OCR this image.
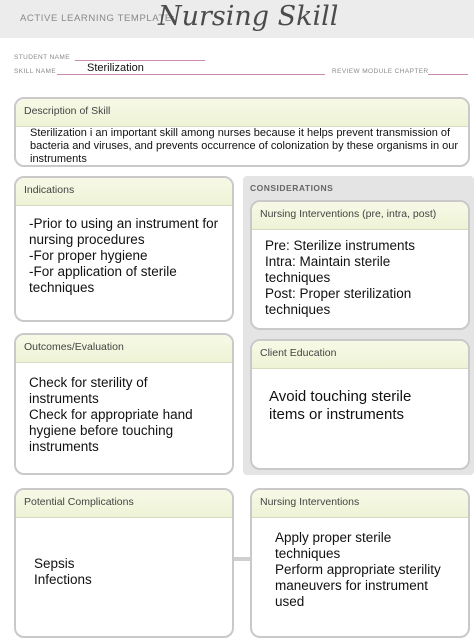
ACTIVE LEARNING TEMPLATE:
Nursing Skill
STUDENT NAME
SKILL NAME	Sterilization	REVIEW MODULE CHAPTER
Description of Skill
Sterilization i an important skill among nurses because it helps prevent transmission of
bacteria and viruses, and prevents occurrence of colonization by these organisms in our
instruments
CONSIDERATIONS
Indications
-Prior to using an instrument for
nursing procedures
-For proper hygiene
-For application of sterile
techniques
Nursing Interventions (pre, intra, post)
Pre: Sterilize instruments
Intra: Maintain sterile
techniques
Post: Proper sterilization
techniques
Outcomes/Evaluation
Check for sterility of
instruments
Check for appropriate hand
hygiene before touching
instruments
Client Education
Avoid touching sterile
items or instruments
Potential Complications
Sepsis
Infections
Nursing Interventions
Apply proper sterile
techniques
Perform appropriate sterility
maneuvers for instrument
used
